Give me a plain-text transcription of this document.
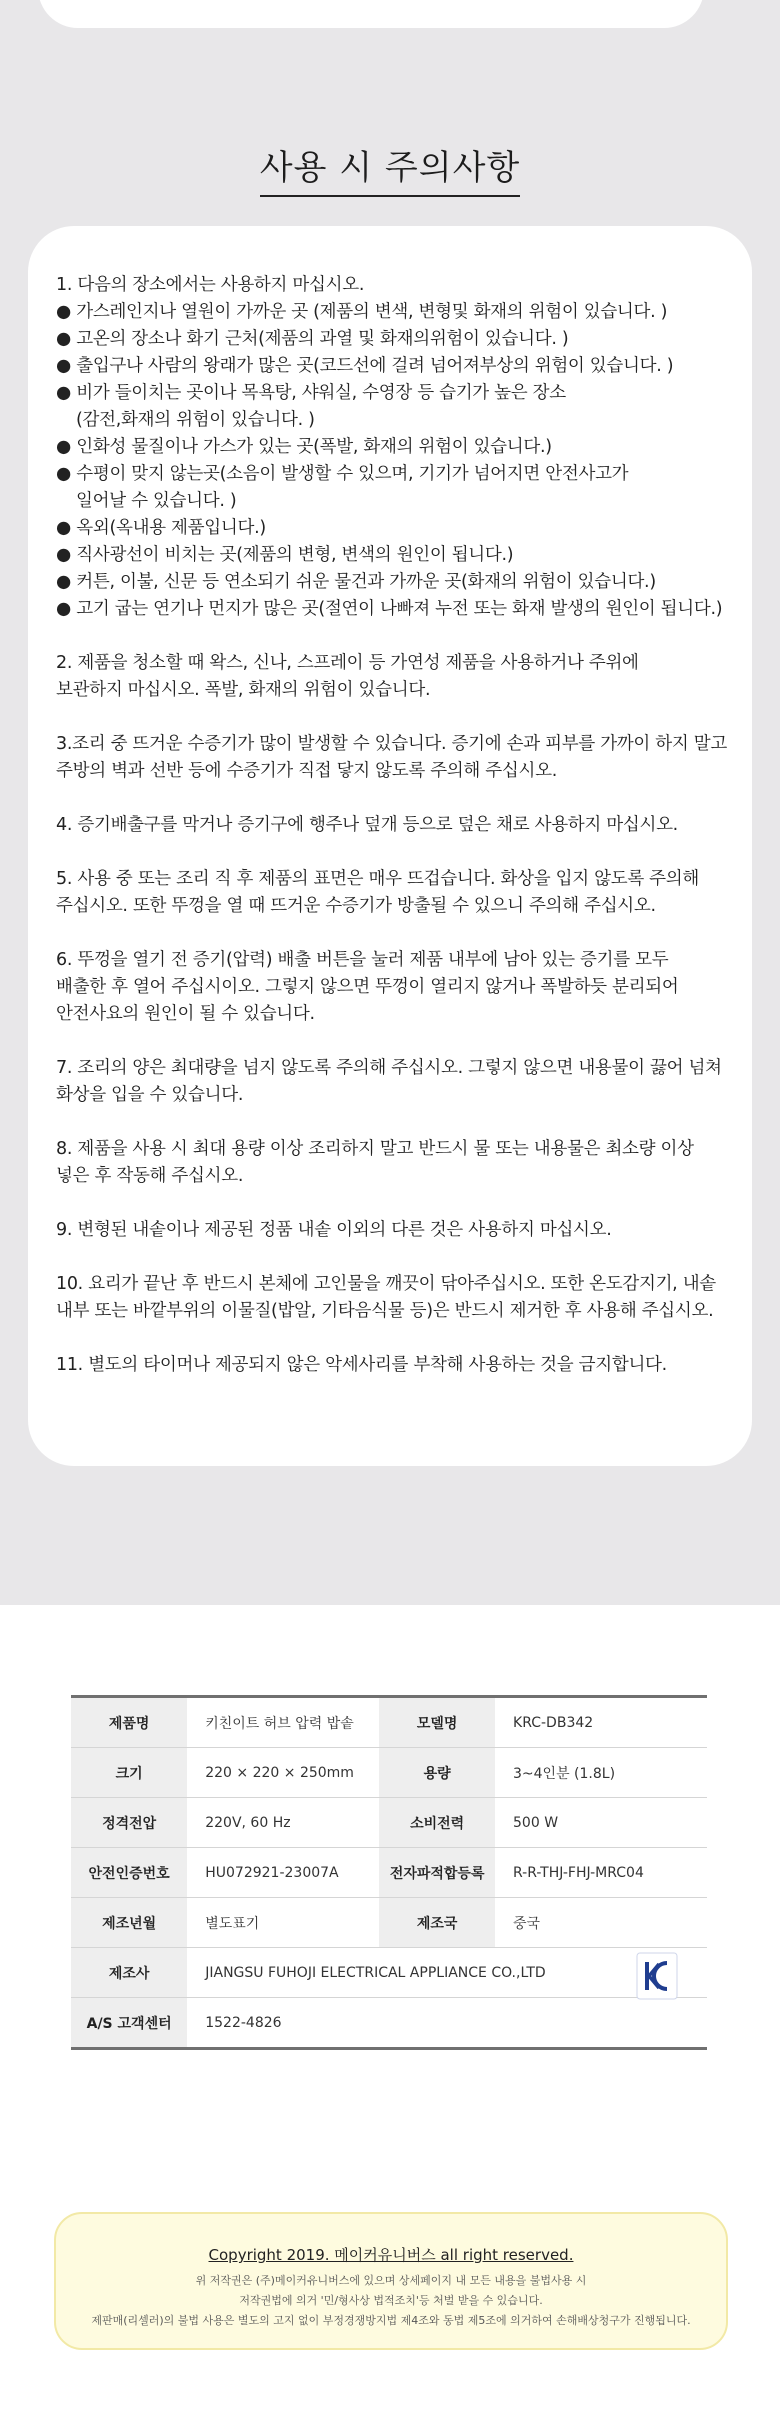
사용 시 주의사항

1. 다음의 장소에서는 사용하지 마십시오.
● 가스레인지나 열원이 가까운 곳 (제품의 변색, 변형및 화재의 위험이 있습니다. )
● 고온의 장소나 화기 근처(제품의 과열 및 화재의위험이 있습니다. )
● 출입구나 사람의 왕래가 많은 곳(코드선에 걸려 넘어져부상의 위험이 있습니다. )
● 비가 들이치는 곳이나 목욕탕, 샤워실, 수영장 등 습기가 높은 장소
(감전,화재의 위험이 있습니다. )
● 인화성 물질이나 가스가 있는 곳(폭발, 화재의 위험이 있습니다.)
● 수평이 맞지 않는곳(소음이 발생할 수 있으며, 기기가 넘어지면 안전사고가
일어날 수 있습니다. )
● 옥외(옥내용 제품입니다.)
● 직사광선이 비치는 곳(제품의 변형, 변색의 원인이 됩니다.)
● 커튼, 이불, 신문 등 연소되기 쉬운 물건과 가까운 곳(화재의 위험이 있습니다.)
● 고기 굽는 연기나 먼지가 많은 곳(절연이 나빠져 누전 또는 화재 발생의 원인이 됩니다.)

2. 제품을 청소할 때 왁스, 신나, 스프레이 등 가연성 제품을 사용하거나 주위에
보관하지 마십시오. 폭발, 화재의 위험이 있습니다.

3.조리 중 뜨거운 수증기가 많이 발생할 수 있습니다. 증기에 손과 피부를 가까이 하지 말고
주방의 벽과 선반 등에 수증기가 직접 닿지 않도록 주의해 주십시오.

4. 증기배출구를 막거나 증기구에 행주나 덮개 등으로 덮은 채로 사용하지 마십시오.

5. 사용 중 또는 조리 직 후 제품의 표면은 매우 뜨겁습니다. 화상을 입지 않도록 주의해
주십시오. 또한 뚜껑을 열 때 뜨거운 수증기가 방출될 수 있으니 주의해 주십시오.

6. 뚜껑을 열기 전 증기(압력) 배출 버튼을 눌러 제품 내부에 남아 있는 증기를 모두
배출한 후 열어 주십시이오. 그렇지 않으면 뚜껑이 열리지 않거나 폭발하듯 분리되어
안전사요의 원인이 될 수 있습니다.

7. 조리의 양은 최대량을 넘지 않도록 주의해 주십시오. 그렇지 않으면 내용물이 끓어 넘쳐
화상을 입을 수 있습니다.

8. 제품을 사용 시 최대 용량 이상 조리하지 말고 반드시 물 또는 내용물은 최소량 이상
넣은 후 작동해 주십시오.

9. 변형된 내솥이나 제공된 정품 내솥 이외의 다른 것은 사용하지 마십시오.

10. 요리가 끝난 후 반드시 본체에 고인물을 깨끗이 닦아주십시오. 또한 온도감지기, 내솥
내부 또는 바깥부위의 이물질(밥알, 기타음식물 등)은 반드시 제거한 후 사용해 주십시오.

11. 별도의 타이머나 제공되지 않은 악세사리를 부착해 사용하는 것을 금지합니다.

제품명	키친이트 허브 압력 밥솥	모델명	KRC-DB342
크기	220 × 220 × 250mm	용량	3~4인분 (1.8L)
정격전압	220V, 60 Hz	소비전력	500 W
안전인증번호	HU072921-23007A	전자파적합등록	R-R-THJ-FHJ-MRC04
제조년월	별도표기	제조국	중국
제조사	JIANGSU FUHOJI ELECTRICAL APPLIANCE CO.,LTD		
A/S 고객센터	1522-4826		
Copyright 2019. 메이커유니버스 all right reserved.
위 저작권은 (주)메이커유니버스에 있으며 상세페이지 내 모든 내용을 불법사용 시
저작권법에 의거 '민/형사상 법적조치'등 처벌 받을 수 있습니다.
제판매(리셀러)의 불법 사용은 별도의 고지 없이 부정경쟁방지법 제4조와 동법 제5조에 의거하여 손해배상청구가 진행됩니다.
